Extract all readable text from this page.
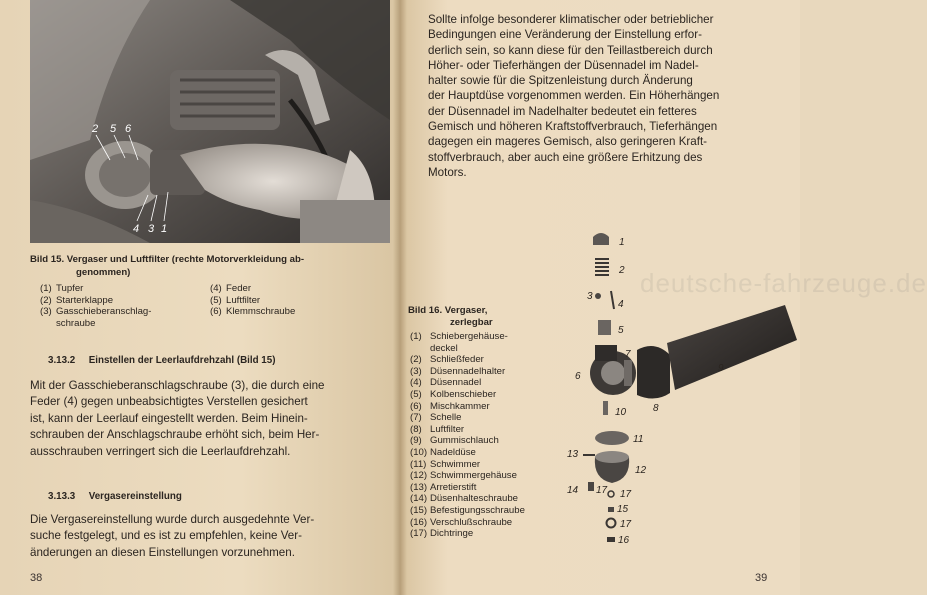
2 5 6
4 3 1
Bild 15. Vergaser und Luftfilter (rechte Motorverkleidung ab-
genommen)
(1) Tupfer
(2) Starterklappe
(3) Gasschieberanschlag-
schraube
(4) Feder
(5) Luftfilter
(6) Klemmschraube
3.13.2 Einstellen der Leerlaufdrehzahl (Bild 15)
Mit der Gasschieberanschlagschraube (3), die durch eine
Feder (4) gegen unbeabsichtigtes Verstellen gesichert
ist, kann der Leerlauf eingestellt werden. Beim Hinein-
schrauben der Anschlagschraube erhöht sich, beim Her-
ausschrauben verringert sich die Leerlaufdrehzahl.
3.13.3 Vergasereinstellung
Die Vergasereinstellung wurde durch ausgedehnte Ver-
suche festgelegt, und es ist zu empfehlen, keine Ver-
änderungen an diesen Einstellungen vorzunehmen.
38
Sollte infolge besonderer klimatischer oder betrieblicher
Bedingungen eine Veränderung der Einstellung erfor-
derlich sein, so kann diese für den Teillastbereich durch
Höher- oder Tieferhängen der Düsennadel im Nadel-
halter sowie für die Spitzenleistung durch Änderung
der Hauptdüse vorgenommen werden. Ein Höherhängen
der Düsennadel im Nadelhalter bedeutet ein fetteres
Gemisch und höheren Kraftstoffverbrauch, Tieferhängen
dagegen ein mageres Gemisch, also geringeren Kraft-
stoffverbrauch, aber auch eine größere Erhitzung des
Motors.
deutsche-fahrzeuge.de
Bild 16. Vergaser,
zerlegbar
(1) Schiebergehäuse-
deckel
(2) Schließfeder
(3) Düsennadelhalter
(4) Düsennadel
(5) Kolbenschieber
(6) Mischkammer
(7) Schelle
(8) Luftfilter
(9) Gummischlauch
(10) Nadeldüse
(11) Schwimmer
(12) Schwimmergehäuse
(13) Arretierstift
(14) Düsenhalteschraube
(15) Befestigungsschraube
(16) Verschlußschraube
(17) Dichtringe
1
2
3
4
5
6
7
8
9
10
11
12
13
14
15
16
17
17
17
39
